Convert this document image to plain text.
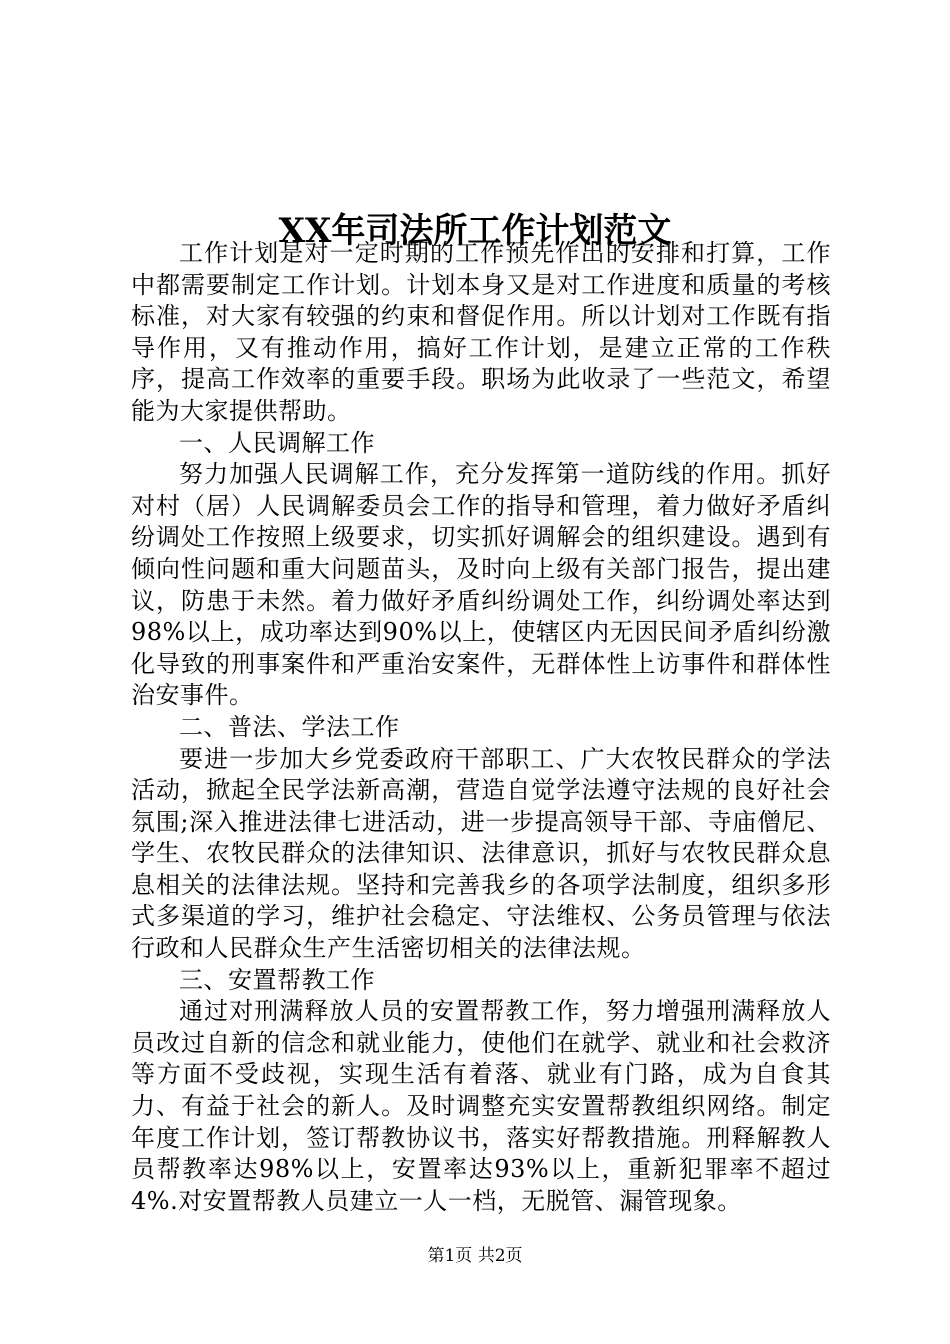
XX年司法所工作计划范文

工作计划是对一定时期的工作预先作出的安排和打算，工作中都需要制定工作计划。计划本身又是对工作进度和质量的考核标准，对大家有较强的约束和督促作用。所以计划对工作既有指导作用，又有推动作用，搞好工作计划，是建立正常的工作秩序，提高工作效率的重要手段。职场为此收录了一些范文，希望能为大家提供帮助。

一、人民调解工作

努力加强人民调解工作，充分发挥第一道防线的作用。抓好对村（居）人民调解委员会工作的指导和管理，着力做好矛盾纠纷调处工作按照上级要求，切实抓好调解会的组织建设。遇到有倾向性问题和重大问题苗头，及时向上级有关部门报告，提出建议，防患于未然。着力做好矛盾纠纷调处工作，纠纷调处率达到98%以上，成功率达到90%以上，使辖区内无因民间矛盾纠纷激化导致的刑事案件和严重治安案件，无群体性上访事件和群体性治安事件。

二、普法、学法工作

要进一步加大乡党委政府干部职工、广大农牧民群众的学法活动，掀起全民学法新高潮，营造自觉学法遵守法规的良好社会氛围;深入推进法律七进活动，进一步提高领导干部、寺庙僧尼、学生、农牧民群众的法律知识、法律意识，抓好与农牧民群众息息相关的法律法规。坚持和完善我乡的各项学法制度，组织多形式多渠道的学习，维护社会稳定、守法维权、公务员管理与依法行政和人民群众生产生活密切相关的法律法规。

三、安置帮教工作

通过对刑满释放人员的安置帮教工作，努力增强刑满释放人员改过自新的信念和就业能力，使他们在就学、就业和社会救济等方面不受歧视，实现生活有着落、就业有门路，成为自食其力、有益于社会的新人。及时调整充实安置帮教组织网络。制定年度工作计划，签订帮教协议书，落实好帮教措施。刑释解教人员帮教率达98%以上，安置率达93%以上，重新犯罪率不超过4%.对安置帮教人员建立一人一档，无脱管、漏管现象。

第1页 共2页
